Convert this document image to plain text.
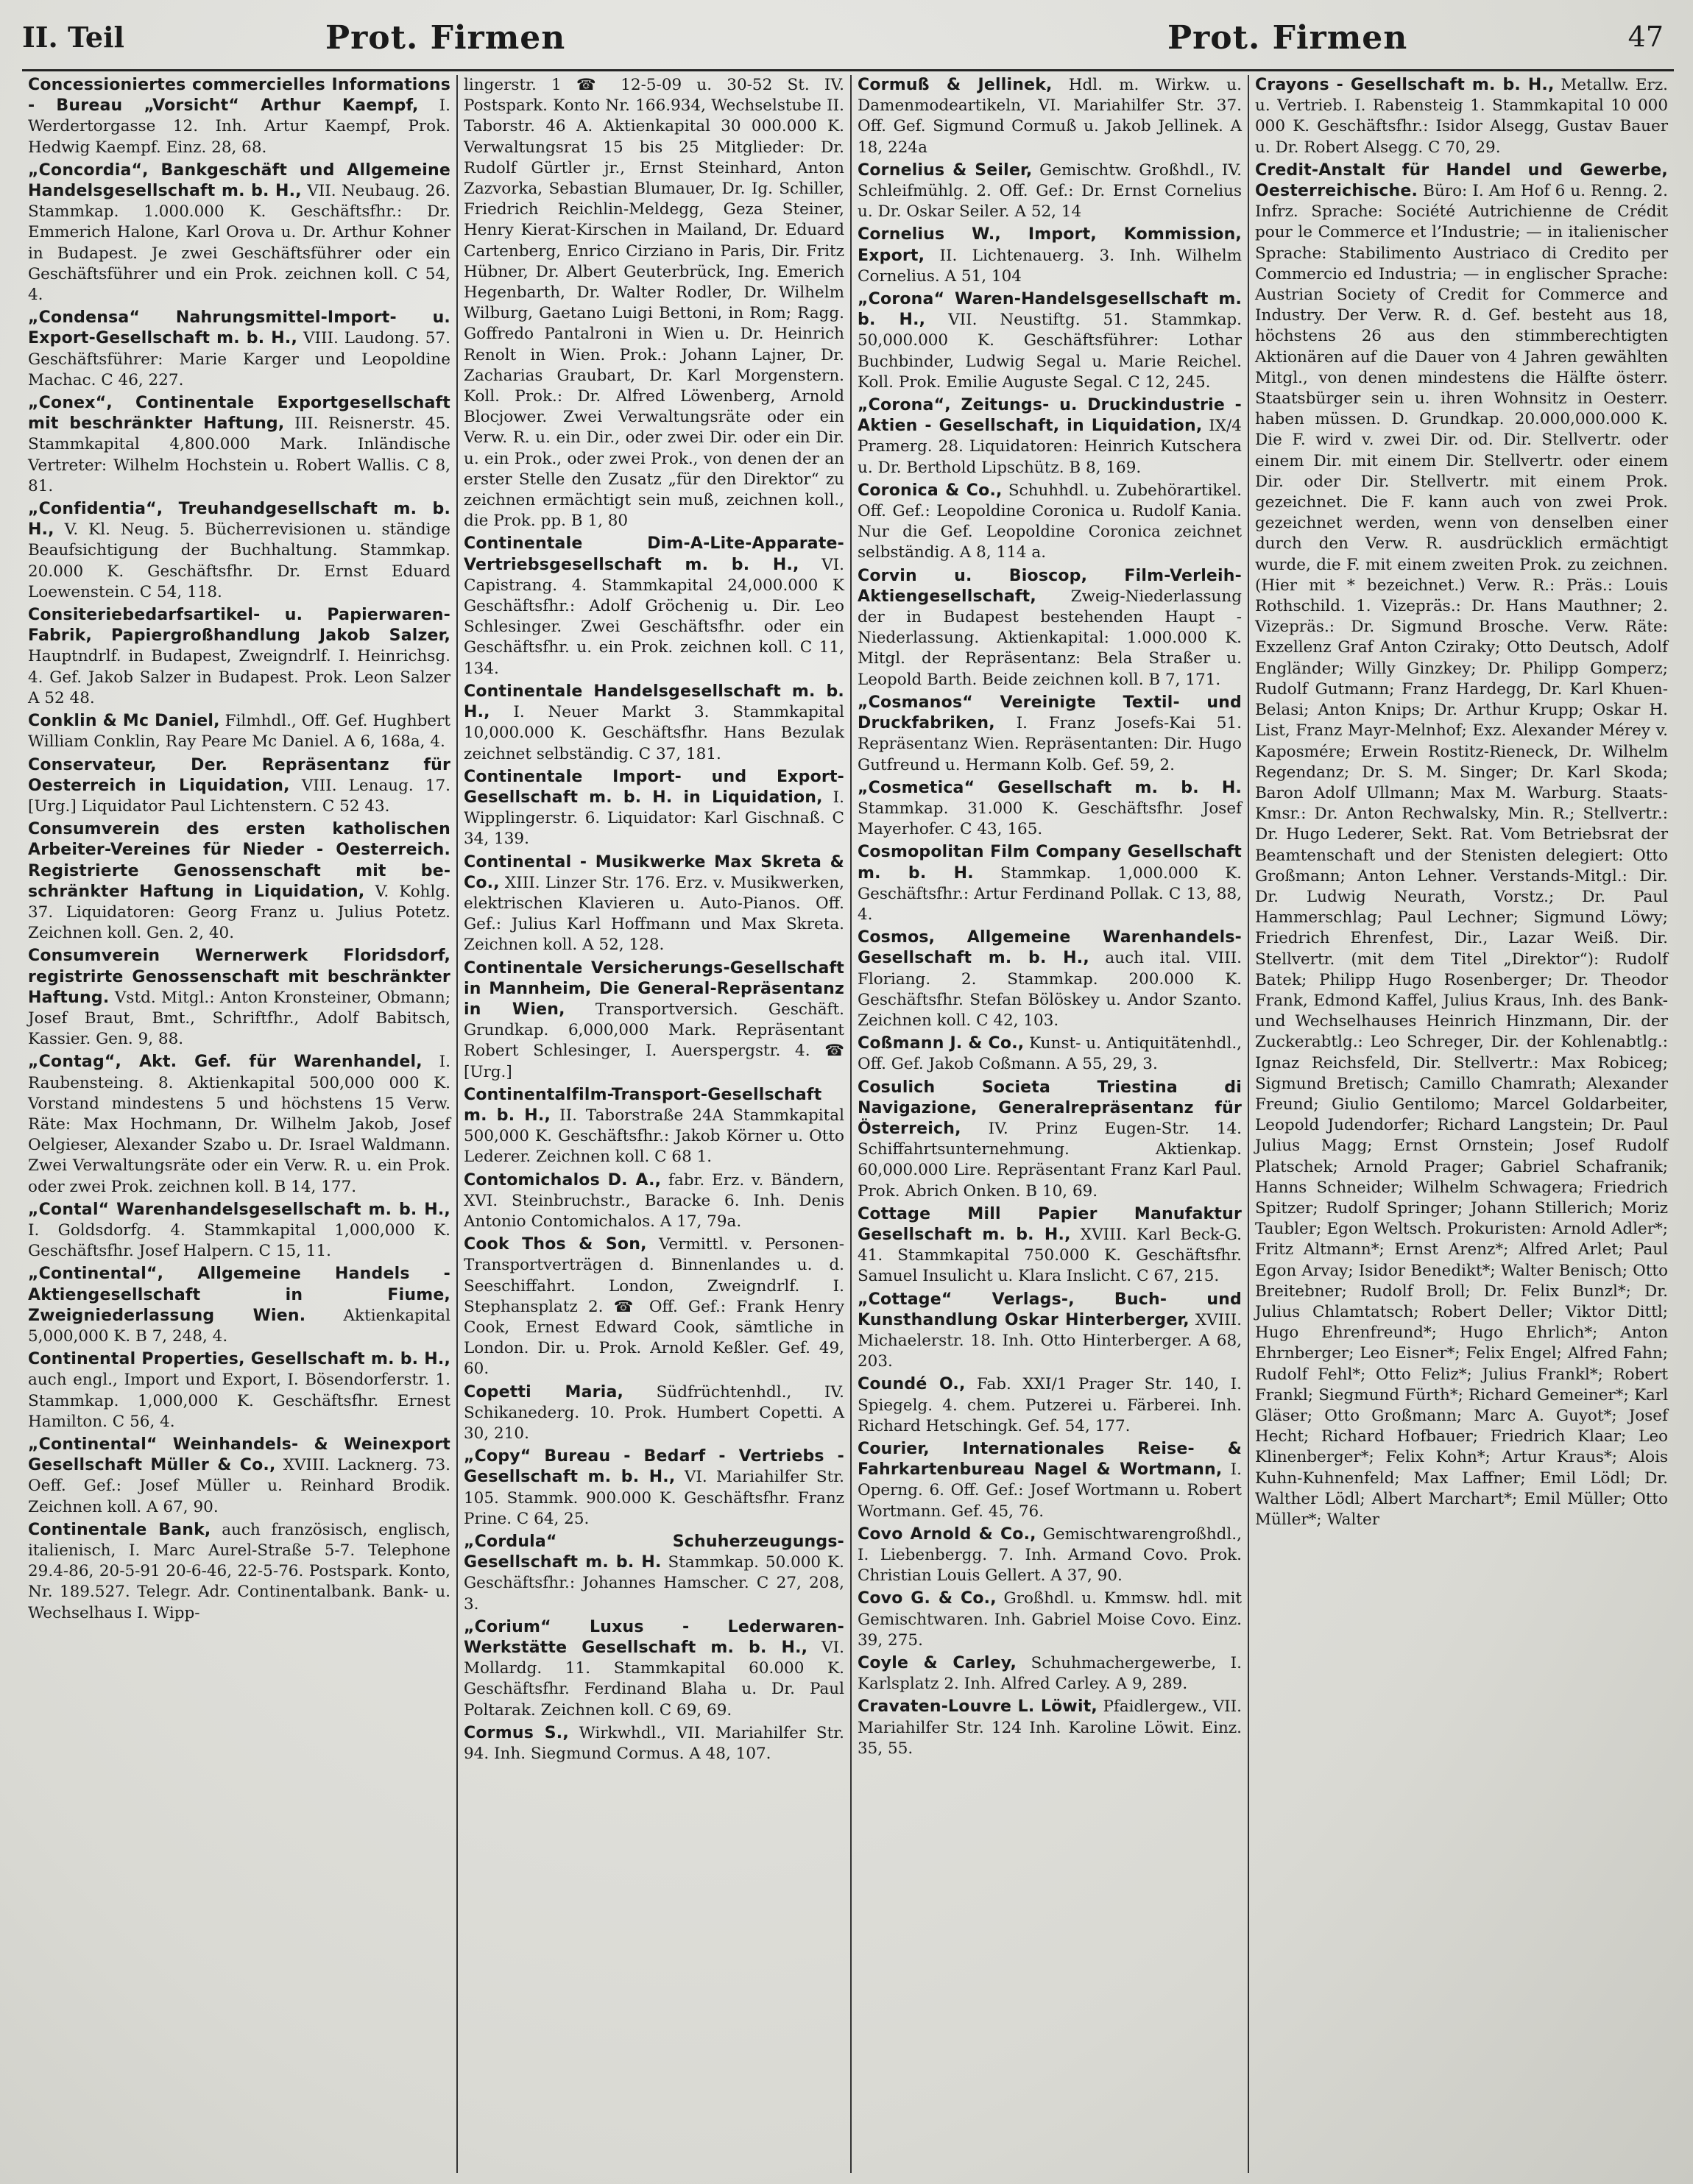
II. Teil	Prot. Firmen	Prot. Firmen	47

Concessioniertes commercielles Informations - Bureau „Vorsicht“ Arthur Kaempf, I. Werdertorgasse 12. Inh. Artur Kaempf, Prok. Hedwig Kaempf. Einz. 28, 68.

„Concordia“, Bankgeschäft und Allgemeine Handelsgesellschaft m. b. H., VII. Neubaug. 26. Stammkap. 1.000.000 K. Geschäftsfhr.: Dr. Emmerich Halone, Karl Orova u. Dr. Arthur Kohner in Budapest. Je zwei Geschäftsführer oder ein Geschäftsführer und ein Prok. zeichnen koll. C 54, 4.

„Condensa“ Nahrungsmittel-Import- u. Export-Gesellschaft m. b. H., VIII. Laudong. 57. Geschäftsführer: Marie Karger und Leopoldine Machac. C 46, 227.

„Conex“, Continentale Exportgesellschaft mit beschränkter Haftung, III. Reisnerstr. 45. Stammkapital 4,800.000 Mark. Inländische Vertreter: Wilhelm Hochstein u. Robert Wallis. C 8, 81.

„Confidentia“, Treuhandgesellschaft m. b. H., V. Kl. Neug. 5. Bücherrevisionen u. ständige Beaufsichtigung der Buchhaltung. Stammkap. 20.000 K. Geschäftsfhr. Dr. Ernst Eduard Loewenstein. C 54, 118.

Consiteriebedarfsartikel- u. Papierwaren-Fabrik, Papiergroßhandlung Jakob Salzer, Hauptndrlf. in Budapest, Zweigndrlf. I. Heinrichsg. 4. Gef. Jakob Salzer in Budapest. Prok. Leon Salzer A 52 48.

Conklin & Mc Daniel, Filmhdl., Off. Gef. Hughbert William Conklin, Ray Peare Mc Daniel. A 6, 168a, 4.

Conservateur, Der. Repräsentanz für Oesterreich in Liquidation, VIII. Lenaug. 17. [Urg.] Liquidator Paul Lichtenstern. C 52 43.

Consumverein des ersten katholischen Arbeiter-Vereines für Nieder - Oesterreich. Registrierte Genossenschaft mit beschränkter Haftung in Liquidation, V. Kohlg. 37. Liquidatoren: Georg Franz u. Julius Potetz. Zeichnen koll. Gen. 2, 40.

Consumverein Wernerwerk Floridsdorf, registrirte Genossenschaft mit beschränkter Haftung. Vstd. Mitgl.: Anton Kronsteiner, Obmann; Josef Braut, Bmt., Schriftfhr., Adolf Babitsch, Kassier. Gen. 9, 88.

„Contag“, Akt. Gef. für Warenhandel, I. Raubensteing. 8. Aktienkapital 500,000 000 K. Vorstand mindestens 5 und höchstens 15 Verw. Räte: Max Hochmann, Dr. Wilhelm Jakob, Josef Oelgieser, Alexander Szabo u. Dr. Israel Waldmann. Zwei Verwaltungsräte oder ein Verw. R. u. ein Prok. oder zwei Prok. zeichnen koll. B 14, 177.

„Contal“ Warenhandelsgesellschaft m. b. H., I. Goldsdorfg. 4. Stammkapital 1,000,000 K. Geschäftsfhr. Josef Halpern. C 15, 11.

„Continental“, Allgemeine Handels - Aktiengesellschaft in Fiume, Zweigniederlassung Wien. Aktienkapital 5,000,000 K. B 7, 248, 4.

Continental Properties, Gesellschaft m. b. H., auch engl., Import und Export, I. Bösendorferstr. 1. Stammkap. 1,000,000 K. Geschäftsfhr. Ernest Hamilton. C 56, 4.

„Continental“ Weinhandels- & Weinexport Gesellschaft Müller & Co., XVIII. Lacknerg. 73. Oeff. Gef.: Josef Müller u. Reinhard Brodik. Zeichnen koll. A 67, 90.

Continentale Bank, auch französisch, englisch, italienisch, I. Marc Aurel-Straße 5-7. Telephone 29.4-86, 20-5-91 20-6-46, 22-5-76. Postspark. Konto, Nr. 189.527. Telegr. Adr. Continentalbank. Bank- u. Wechselhaus I. Wipp-

lingerstr. 1 ☎ 12-5-09 u. 30-52 St. IV. Postspark. Konto Nr. 166.934, Wechselstube II. Taborstr. 46 A. Aktienkapital 30 000.000 K. Verwaltungsrat 15 bis 25 Mitglieder: Dr. Rudolf Gürtler jr., Ernst Steinhard, Anton Zazvorka, Sebastian Blumauer, Dr. Ig. Schiller, Friedrich Reichlin-Meldegg, Geza Steiner, Henry Kierat-Kirschen in Mailand, Dr. Eduard Cartenberg, Enrico Cirziano in Paris, Dir. Fritz Hübner, Dr. Albert Geuterbrück, Ing. Emerich Hegenbarth, Dr. Walter Rodler, Dr. Wilhelm Wilburg, Gaetano Luigi Bettoni, in Rom; Ragg. Goffredo Pantalroni in Wien u. Dr. Heinrich Renolt in Wien. Prok.: Johann Lajner, Dr. Zacharias Graubart, Dr. Karl Morgenstern. Koll. Prok.: Dr. Alfred Löwenberg, Arnold Blocjower. Zwei Verwaltungsräte oder ein Verw. R. u. ein Dir., oder zwei Dir. oder ein Dir. u. ein Prok., oder zwei Prok., von denen der an erster Stelle den Zusatz „für den Direktor“ zu zeichnen ermächtigt sein muß, zeichnen koll., die Prok. pp. B 1, 80

Continentale Dim-A-Lite-Apparate-Vertriebsgesellschaft m. b. H., VI. Capistrang. 4. Stammkapital 24,000.000 K Geschäftsfhr.: Adolf Gröchenig u. Dir. Leo Schlesinger. Zwei Geschäftsfhr. oder ein Geschäftsfhr. u. ein Prok. zeichnen koll. C 11, 134.

Continentale Handelsgesellschaft m. b. H., I. Neuer Markt 3. Stammkapital 10,000.000 K. Geschäftsfhr. Hans Bezulak zeichnet selbständig. C 37, 181.

Continentale Import- und Export-Gesellschaft m. b. H. in Liquidation, I. Wipplingerstr. 6. Liquidator: Karl Gischnaß. C 34, 139.

Continental - Musikwerke Max Skreta & Co., XIII. Linzer Str. 176. Erz. v. Musikwerken, elektrischen Klavieren u. Auto-Pianos. Off. Gef.: Julius Karl Hoffmann und Max Skreta. Zeichnen koll. A 52, 128.

Continentale Versicherungs-Gesellschaft in Mannheim, Die General-Repräsentanz in Wien, Transportversich. Geschäft. Grundkap. 6,000,000 Mark. Repräsentant Robert Schlesinger, I. Auerspergstr. 4. ☎ [Urg.]

Continentalfilm-Transport-Gesellschaft m. b. H., II. Taborstraße 24A Stammkapital 500,000 K. Geschäftsfhr.: Jakob Körner u. Otto Lederer. Zeichnen koll. C 68 1.

Contomichalos D. A., fabr. Erz. v. Bändern, XVI. Steinbruchstr., Baracke 6. Inh. Denis Antonio Contomichalos. A 17, 79a.

Cook Thos & Son, Vermittl. v. Personen-Transportverträgen d. Binnenlandes u. d. Seeschiffahrt. London, Zweigndrlf. I. Stephansplatz 2. ☎ Off. Gef.: Frank Henry Cook, Ernest Edward Cook, sämtliche in London. Dir. u. Prok. Arnold Keßler. Gef. 49, 60.

Copetti Maria, Südfrüchtenhdl., IV. Schikanederg. 10. Prok. Humbert Copetti. A 30, 210.

„Copy“ Bureau - Bedarf - Vertriebs - Gesellschaft m. b. H., VI. Mariahilfer Str. 105. Stammk. 900.000 K. Geschäftsfhr. Franz Prine. C 64, 25.

„Cordula“ Schuherzeugungs-Gesellschaft m. b. H. Stammkap. 50.000 K. Geschäftsfhr.: Johannes Hamscher. C 27, 208, 3.

„Corium“ Luxus - Lederwaren-Werkstätte Gesellschaft m. b. H., VI. Mollardg. 11. Stammkapital 60.000 K. Geschäftsfhr. Ferdinand Blaha u. Dr. Paul Poltarak. Zeichnen koll. C 69, 69.

Cormus S., Wirkwhdl., VII. Mariahilfer Str. 94. Inh. Siegmund Cormus. A 48, 107.

Cormuß & Jellinek, Hdl. m. Wirkw. u. Damenmodeartikeln, VI. Mariahilfer Str. 37. Off. Gef. Sigmund Cormuß u. Jakob Jellinek. A 18, 224a

Cornelius & Seiler, Gemischtw. Großhdl., IV. Schleifmühlg. 2. Off. Gef.: Dr. Ernst Cornelius u. Dr. Oskar Seiler. A 52, 14

Cornelius W., Import, Kommission, Export, II. Lichtenauerg. 3. Inh. Wilhelm Cornelius. A 51, 104

„Corona“ Waren-Handelsgesellschaft m. b. H., VII. Neustiftg. 51. Stammkap. 50,000.000 K. Geschäftsführer: Lothar Buchbinder, Ludwig Segal u. Marie Reichel. Koll. Prok. Emilie Auguste Segal. C 12, 245.

„Corona“, Zeitungs- u. Druckindustrie - Aktien - Gesellschaft, in Liquidation, IX/4 Pramerg. 28. Liquidatoren: Heinrich Kutschera u. Dr. Berthold Lipschütz. B 8, 169.

Coronica & Co., Schuhhdl. u. Zubehörartikel. Off. Gef.: Leopoldine Coronica u. Rudolf Kania. Nur die Gef. Leopoldine Coronica zeichnet selbständig. A 8, 114 a.

Corvin u. Bioscop, Film-Verleih-Aktiengesellschaft, Zweig-Niederlassung der in Budapest bestehenden Haupt - Niederlassung. Aktienkapital: 1.000.000 K. Mitgl. der Repräsentanz: Bela Straßer u. Leopold Barth. Beide zeichnen koll. B 7, 171.

„Cosmanos“ Vereinigte Textil- und Druckfabriken, I. Franz Josefs-Kai 51. Repräsentanz Wien. Repräsentanten: Dir. Hugo Gutfreund u. Hermann Kolb. Gef. 59, 2.

„Cosmetica“ Gesellschaft m. b. H. Stammkap. 31.000 K. Geschäftsfhr. Josef Mayerhofer. C 43, 165.

Cosmopolitan Film Company Gesellschaft m. b. H. Stammkap. 1,000.000 K. Geschäftsfhr.: Artur Ferdinand Pollak. C 13, 88, 4.

Cosmos, Allgemeine Warenhandels-Gesellschaft m. b. H., auch ital. VIII. Floriang. 2. Stammkap. 200.000 K. Geschäftsfhr. Stefan Bölöskey u. Andor Szanto. Zeichnen koll. C 42, 103.

Coßmann J. & Co., Kunst- u. Antiquitätenhdl., Off. Gef. Jakob Coßmann. A 55, 29, 3.

Cosulich Societa Triestina di Navigazione, Generalrepräsentanz für Österreich, IV. Prinz Eugen-Str. 14. Schiffahrtsunternehmung. Aktienkap. 60,000.000 Lire. Repräsentant Franz Karl Paul. Prok. Abrich Onken. B 10, 69.

Cottage Mill Papier Manufaktur Gesellschaft m. b. H., XVIII. Karl Beck-G. 41. Stammkapital 750.000 K. Geschäftsfhr. Samuel Insulicht u. Klara Inslicht. C 67, 215.

„Cottage“ Verlags-, Buch- und Kunsthandlung Oskar Hinterberger, XVIII. Michaelerstr. 18. Inh. Otto Hinterberger. A 68, 203.

Coundé O., Fab. XXI/1 Prager Str. 140, I. Spiegelg. 4. chem. Putzerei u. Färberei. Inh. Richard Hetschingk. Gef. 54, 177.

Courier, Internationales Reise- & Fahrkartenbureau Nagel & Wortmann, I. Operng. 6. Off. Gef.: Josef Wortmann u. Robert Wortmann. Gef. 45, 76.

Covo Arnold & Co., Gemischtwarengroßhdl., I. Liebenbergg. 7. Inh. Armand Covo. Prok. Christian Louis Gellert. A 37, 90.

Covo G. & Co., Großhdl. u. Kmmsw. hdl. mit Gemischtwaren. Inh. Gabriel Moise Covo. Einz. 39, 275.

Coyle & Carley, Schuhmachergewerbe, I. Karlsplatz 2. Inh. Alfred Carley. A 9, 289.

Cravaten-Louvre L. Löwit, Pfaidlergew., VII. Mariahilfer Str. 124 Inh. Karoline Löwit. Einz. 35, 55.

Crayons - Gesellschaft m. b. H., Metallw. Erz. u. Vertrieb. I. Rabensteig 1. Stammkapital 10 000 000 K. Geschäftsfhr.: Isidor Alsegg, Gustav Bauer u. Dr. Robert Alsegg. C 70, 29.

Credit-Anstalt für Handel und Gewerbe, Oesterreichische. Büro: I. Am Hof 6 u. Renng. 2. Infrz. Sprache: Société Autrichienne de Crédit pour le Commerce et l’Industrie; — in italienischer Sprache: Stabilimento Austriaco di Credito per Commercio ed Industria; — in englischer Sprache: Austrian Society of Credit for Commerce and Industry. Der Verw. R. d. Gef. besteht aus 18, höchstens 26 aus den stimmberechtigten Aktionären auf die Dauer von 4 Jahren gewählten Mitgl., von denen mindestens die Hälfte österr. Staatsbürger sein u. ihren Wohnsitz in Oesterr. haben müssen. D. Grundkap. 20.000,000.000 K. Die F. wird v. zwei Dir. od. Dir. Stellvertr. oder einem Dir. mit einem Dir. Stellvertr. oder einem Dir. oder Dir. Stellvertr. mit einem Prok. gezeichnet. Die F. kann auch von zwei Prok. gezeichnet werden, wenn von denselben einer durch den Verw. R. ausdrücklich ermächtigt wurde, die F. mit einem zweiten Prok. zu zeichnen. (Hier mit * bezeichnet.) Verw. R.: Präs.: Louis Rothschild. 1. Vizepräs.: Dr. Hans Mauthner; 2. Vizepräs.: Dr. Sigmund Brosche. Verw. Räte: Exzellenz Graf Anton Cziraky; Otto Deutsch, Adolf Engländer; Willy Ginzkey; Dr. Philipp Gomperz; Rudolf Gutmann; Franz Hardegg, Dr. Karl Khuen-Belasi; Anton Knips; Dr. Arthur Krupp; Oskar H. List, Franz Mayr-Melnhof; Exz. Alexander Mérey v. Kaposmére; Erwein Rostitz-Rieneck, Dr. Wilhelm Regendanz; Dr. S. M. Singer; Dr. Karl Skoda; Baron Adolf Ullmann; Max M. Warburg. Staats-Kmsr.: Dr. Anton Rechwalsky, Min. R.; Stellvertr.: Dr. Hugo Lederer, Sekt. Rat. Vom Betriebsrat der Beamtenschaft und der Stenisten delegiert: Otto Großmann; Anton Lehner. Verstands-Mitgl.: Dir. Dr. Ludwig Neurath, Vorstz.; Dr. Paul Hammerschlag; Paul Lechner; Sigmund Löwy; Friedrich Ehrenfest, Dir., Lazar Weiß. Dir. Stellvertr. (mit dem Titel „Direktor“): Rudolf Batek; Philipp Hugo Rosenberger; Dr. Theodor Frank, Edmond Kaffel, Julius Kraus, Inh. des Bank- und Wechselhauses Heinrich Hinzmann, Dir. der Zuckerabtlg.: Leo Schreger, Dir. der Kohlenabtlg.: Ignaz Reichsfeld, Dir. Stellvertr.: Max Robiceg; Sigmund Bretisch; Camillo Chamrath; Alexander Freund; Giulio Gentilomo; Marcel Goldarbeiter, Leopold Judendorfer; Richard Langstein; Dr. Paul Julius Magg; Ernst Ornstein; Josef Rudolf Platschek; Arnold Prager; Gabriel Schafranik; Hanns Schneider; Wilhelm Schwagera; Friedrich Spitzer; Rudolf Springer; Johann Stillerich; Moriz Taubler; Egon Weltsch. Prokuristen: Arnold Adler*; Fritz Altmann*; Ernst Arenz*; Alfred Arlet; Paul Egon Arvay; Isidor Benedikt*; Walter Benisch; Otto Breitebner; Rudolf Broll; Dr. Felix Bunzl*; Dr. Julius Chlamtatsch; Robert Deller; Viktor Dittl; Hugo Ehrenfreund*; Hugo Ehrlich*; Anton Ehrnberger; Leo Eisner*; Felix Engel; Alfred Fahn; Rudolf Fehl*; Otto Feliz*; Julius Frankl*; Robert Frankl; Siegmund Fürth*; Richard Gemeiner*; Karl Gläser; Otto Großmann; Marc A. Guyot*; Josef Hecht; Richard Hofbauer; Friedrich Klaar; Leo Klinenberger*; Felix Kohn*; Artur Kraus*; Alois Kuhn-Kuhnenfeld; Max Laffner; Emil Lödl; Dr. Walther Lödl; Albert Marchart*; Emil Müller; Otto Müller*; Walter
